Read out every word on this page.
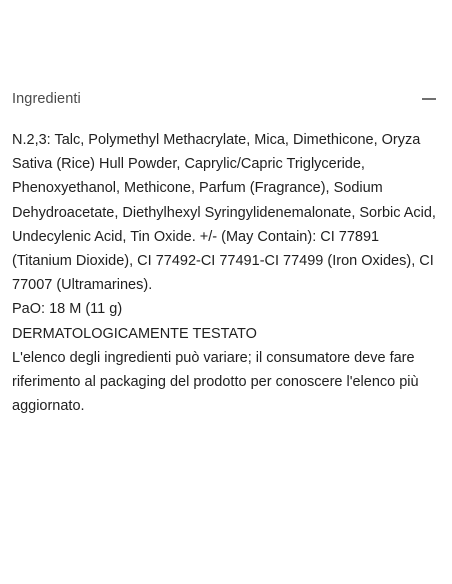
Ingredienti

N.2,3: Talc, Polymethyl Methacrylate, Mica, Dimethicone, Oryza Sativa (Rice) Hull Powder, Caprylic/Capric Triglyceride, Phenoxyethanol, Methicone, Parfum (Fragrance), Sodium Dehydroacetate, Diethylhexyl Syringylidenemalonate, Sorbic Acid, Undecylenic Acid, Tin Oxide. +/- (May Contain): CI 77891 (Titanium Dioxide), CI 77492-CI 77491-CI 77499 (Iron Oxides), CI 77007 (Ultramarines).

PaO: 18 M (11 g)

DERMATOLOGICAMENTE TESTATO

L'elenco degli ingredienti può variare; il consumatore deve fare riferimento al packaging del prodotto per conoscere l'elenco più aggiornato.
